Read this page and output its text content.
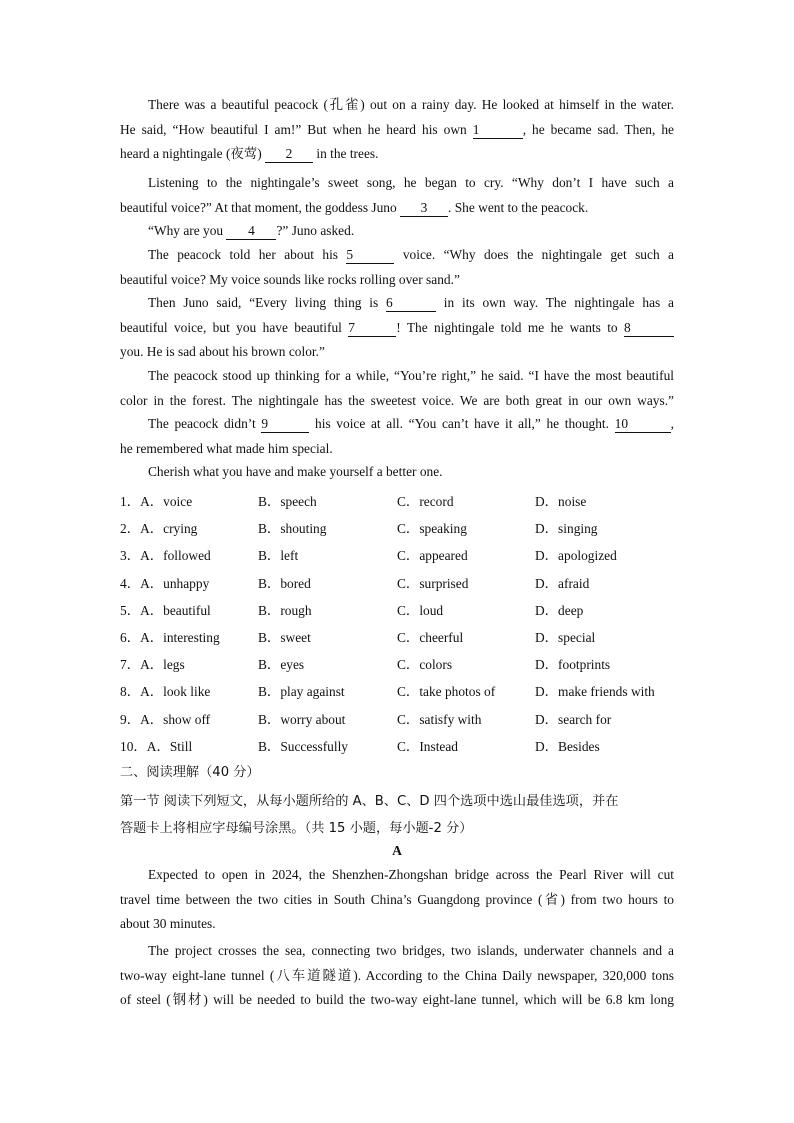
There was a beautiful peacock (孔雀) out on a rainy day. He looked at himself in the water.
He said, “How beautiful I am!” But when he heard his own 1	, he became sad. Then, he
heard a nightingale (夜莺) 2 in the trees.
Listening to the nightingale’s sweet song, he began to cry. “Why don’t I have such a
beautiful voice?” At that moment, the goddess Juno 3 . She went to the peacock.
“Why are you 4 ?” Juno asked.
The peacock told her about his 5	voice. “Why does the nightingale get such a
beautiful voice? My voice sounds like rocks rolling over sand.”
Then Juno said, “Every living thing is 6	in its own way. The nightingale has a
beautiful voice, but you have beautiful 7	! The nightingale told me he wants to 8
you. He is sad about his brown color.”
The peacock stood up thinking for a while, “You’re right,” he said. “I have the most beautiful
color in the forest. The nightingale has the sweetest voice. We are both great in our own ways.”
The peacock didn’t 9	his voice at all. “You can’t have it all,” he thought. 10	,
he remembered what made him special.
Cherish what you have and make yourself a better one.
1．A．voice	B．speech	C．record	D．noise
2．A．crying	B．shouting	C．speaking	D．singing
3．A．followed	B．left	C．appeared	D．apologized
4．A．unhappy	B．bored	C．surprised	D．afraid
5．A．beautiful	B．rough	C．loud	D．deep
6．A．interesting	B．sweet	C．cheerful	D．special
7．A．legs	B．eyes	C．colors	D．footprints
8．A．look like	B．play against	C．take photos of	D．make friends with
9．A．show off	B．worry about	C．satisfy with	D．search for
10．A．Still	B．Successfully	C．Instead	D．Besides
二、阅读理解（40 分）
第一节 阅读下列短文，从每小题所给的 A、B、C、D 四个选项中选山最佳选项，并在
答题卡上将相应字母编号涂黑。（共 15 小题，每小题-2 分）
A
Expected to open in 2024, the Shenzhen-Zhongshan bridge across the Pearl River will cut
travel time between the two cities in South China’s Guangdong province (省) from two hours to
about 30 minutes.
The project crosses the sea, connecting two bridges, two islands, underwater channels and a
two-way eight-lane tunnel (八车道隧道). According to the China Daily newspaper, 320,000 tons
of steel (钢材) will be needed to build the two-way eight-lane tunnel, which will be 6.8 km long
